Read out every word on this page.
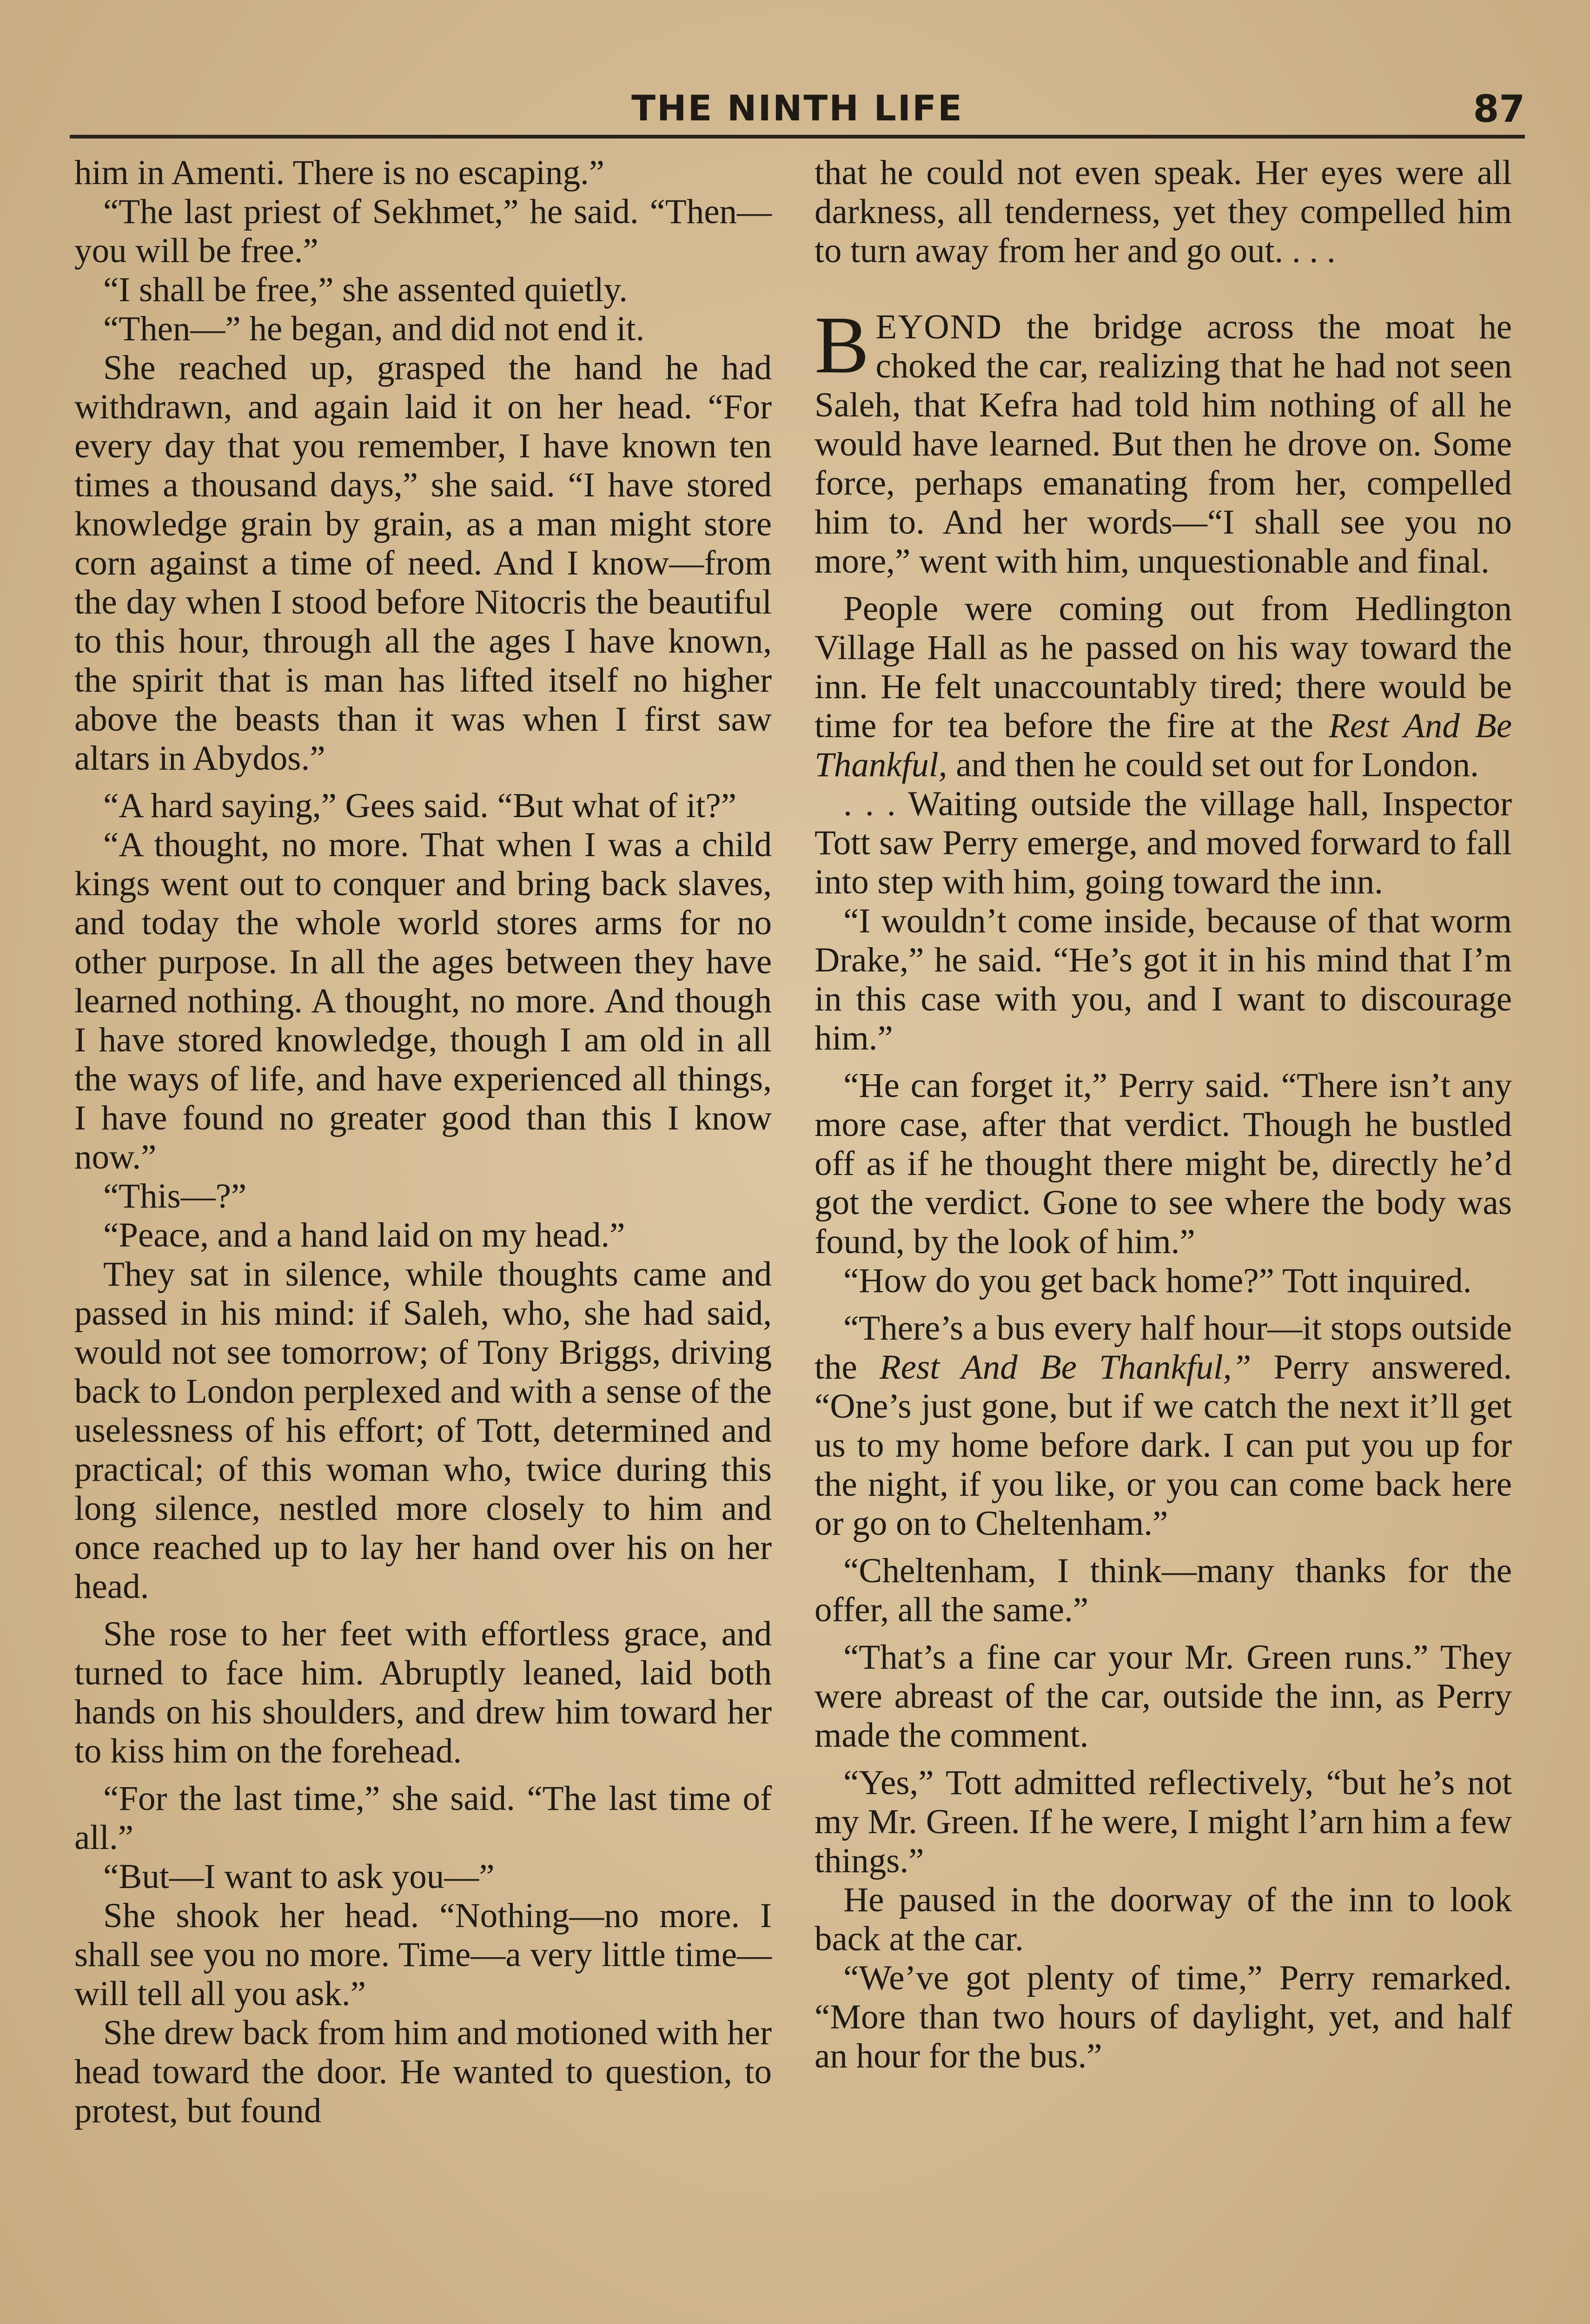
THE NINTH LIFE	87

him in Amenti. There is no escaping.”

“The last priest of Sekhmet,” he said. “Then—you will be free.”

“I shall be free,” she assented quietly.

“Then—” he began, and did not end it.

She reached up, grasped the hand he had withdrawn, and again laid it on her head. “For every day that you remember, I have known ten times a thousand days,” she said. “I have stored knowledge grain by grain, as a man might store corn against a time of need. And I know—from the day when I stood before Nitocris the beautiful to this hour, through all the ages I have known, the spirit that is man has lifted itself no higher above the beasts than it was when I first saw altars in Abydos.”

“A hard saying,” Gees said. “But what of it?”

“A thought, no more. That when I was a child kings went out to conquer and bring back slaves, and today the whole world stores arms for no other purpose. In all the ages between they have learned nothing. A thought, no more. And though I have stored knowledge, though I am old in all the ways of life, and have experienced all things, I have found no greater good than this I know now.”

“This—?”

“Peace, and a hand laid on my head.”

They sat in silence, while thoughts came and passed in his mind: if Saleh, who, she had said, would not see tomorrow; of Tony Briggs, driving back to London perplexed and with a sense of the uselessness of his effort; of Tott, determined and practical; of this woman who, twice during this long silence, nestled more closely to him and once reached up to lay her hand over his on her head.

She rose to her feet with effortless grace, and turned to face him. Abruptly leaned, laid both hands on his shoulders, and drew him toward her to kiss him on the forehead.

“For the last time,” she said. “The last time of all.”

“But—I want to ask you—”

She shook her head. “Nothing—no more. I shall see you no more. Time—a very little time—will tell all you ask.”

She drew back from him and motioned with her head toward the door. He wanted to question, to protest, but found

that he could not even speak. Her eyes were all darkness, all tenderness, yet they compelled him to turn away from her and go out. . . .

BEYOND the bridge across the moat he choked the car, realizing that he had not seen Saleh, that Kefra had told him nothing of all he would have learned. But then he drove on. Some force, perhaps emanating from her, compelled him to. And her words—“I shall see you no more,” went with him, unquestionable and final.

People were coming out from Hedlington Village Hall as he passed on his way toward the inn. He felt unaccountably tired; there would be time for tea before the fire at the Rest And Be Thankful, and then he could set out for London.

. . . Waiting outside the village hall, Inspector Tott saw Perry emerge, and moved forward to fall into step with him, going toward the inn.

“I wouldn’t come inside, because of that worm Drake,” he said. “He’s got it in his mind that I’m in this case with you, and I want to discourage him.”

“He can forget it,” Perry said. “There isn’t any more case, after that verdict. Though he bustled off as if he thought there might be, directly he’d got the verdict. Gone to see where the body was found, by the look of him.”

“How do you get back home?” Tott inquired.

“There’s a bus every half hour—it stops outside the Rest And Be Thankful,” Perry answered. “One’s just gone, but if we catch the next it’ll get us to my home before dark. I can put you up for the night, if you like, or you can come back here or go on to Cheltenham.”

“Cheltenham, I think—many thanks for the offer, all the same.”

“That’s a fine car your Mr. Green runs.” They were abreast of the car, outside the inn, as Perry made the comment.

“Yes,” Tott admitted reflectively, “but he’s not my Mr. Green. If he were, I might l’arn him a few things.”

He paused in the doorway of the inn to look back at the car.

“We’ve got plenty of time,” Perry remarked. “More than two hours of daylight, yet, and half an hour for the bus.”
